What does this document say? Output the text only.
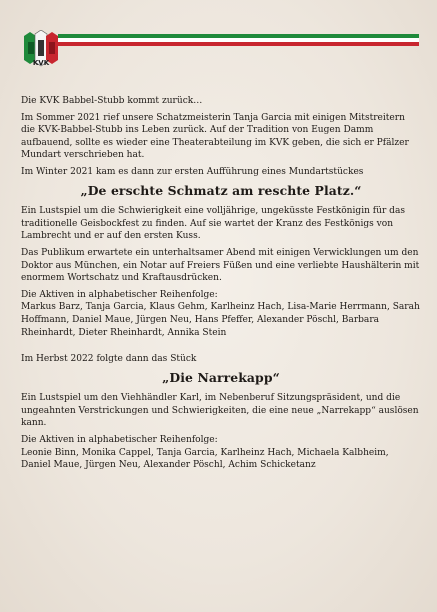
KVK

Die KVK Babbel-Stubb kommt zurück…

Im Sommer 2021 rief unsere Schatzmeisterin Tanja Garcia mit einigen Mitstreitern die KVK-Babbel-Stubb ins Leben zurück. Auf der Tradition von Eugen Damm aufbauend, sollte es wieder eine Theaterabteilung im KVK geben, die sich er Pfälzer Mundart verschrieben hat.

Im Winter 2021 kam es dann zur ersten Aufführung eines Mundartstückes

„De erschte Schmatz am reschte Platz.“

Ein Lustspiel um die Schwierigkeit eine volljährige, ungeküsste Festkönigin für das traditionelle Geisbockfest zu finden. Auf sie wartet der Kranz des Festkönigs von Lambrecht und er auf den ersten Kuss.

Das Publikum erwartete ein unterhaltsamer Abend mit einigen Verwicklungen um den Doktor aus München, ein Notar auf Freiers Füßen und eine verliebte Haushälterin mit enormem Wortschatz und Kraftausdrücken.

Die Aktiven in alphabetischer Reihenfolge:

Markus Barz, Tanja Garcia, Klaus Gehm, Karlheinz Hach, Lisa-Marie Herrmann, Sarah Hoffmann, Daniel Maue, Jürgen Neu, Hans Pfeffer, Alexander Pöschl, Barbara Rheinhardt, Dieter Rheinhardt, Annika Stein

Im Herbst 2022 folgte dann das Stück

„Die Narrekapp“

Ein Lustspiel um den Viehhändler Karl, im Nebenberuf Sitzungspräsident, und die ungeahnten Verstrickungen und Schwierigkeiten, die eine neue „Narrekapp“ auslösen kann.

Die Aktiven in alphabetischer Reihenfolge:

Leonie Binn, Monika Cappel, Tanja Garcia, Karlheinz Hach, Michaela Kalbheim, Daniel Maue, Jürgen Neu, Alexander Pöschl, Achim Schicketanz
